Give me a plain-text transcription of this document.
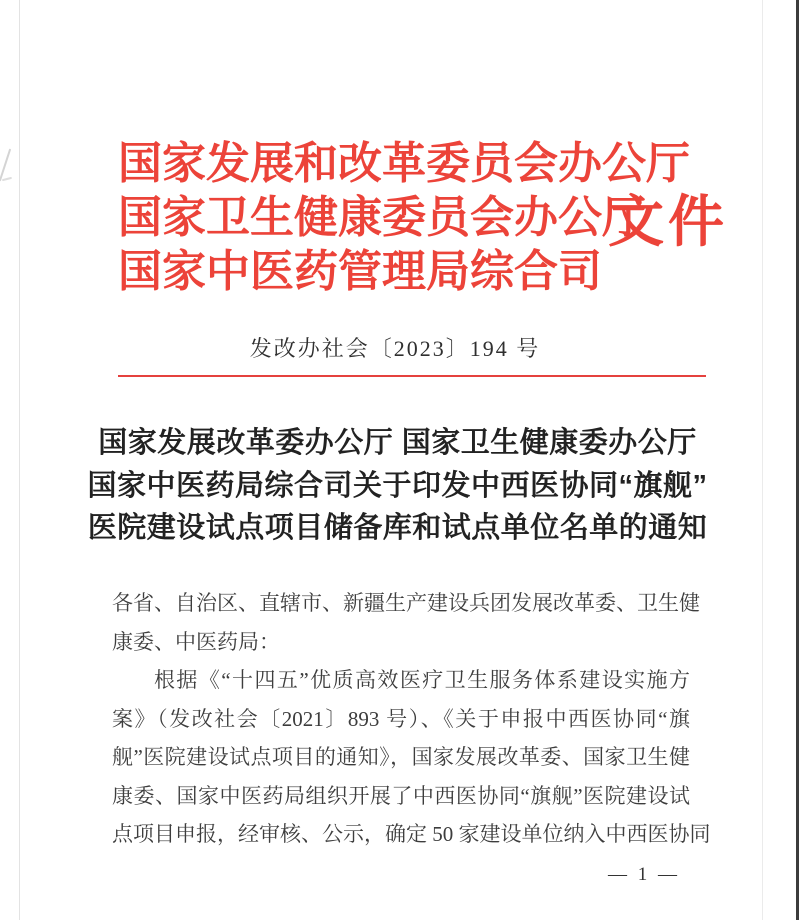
国家发展和改革委员会办公厅
国家卫生健康委员会办公厅
国家中医药管理局综合司
文件
发改办社会〔2023〕194 号
国家发展改革委办公厅 国家卫生健康委办公厅
国家中医药局综合司关于印发中西医协同“旗舰”
医院建设试点项目储备库和试点单位名单的通知
各省、自治区、直辖市、新疆生产建设兵团发展改革委、卫生健
康委、中医药局：
根据《“十四五”优质高效医疗卫生服务体系建设实施方
案》（发改社会〔2021〕893 号）、《关于申报中西医协同“旗
舰”医院建设试点项目的通知》，国家发展改革委、国家卫生健
康委、国家中医药局组织开展了中西医协同“旗舰”医院建设试
点项目申报，经审核、公示，确定 50 家建设单位纳入中西医协同
— 1 —
